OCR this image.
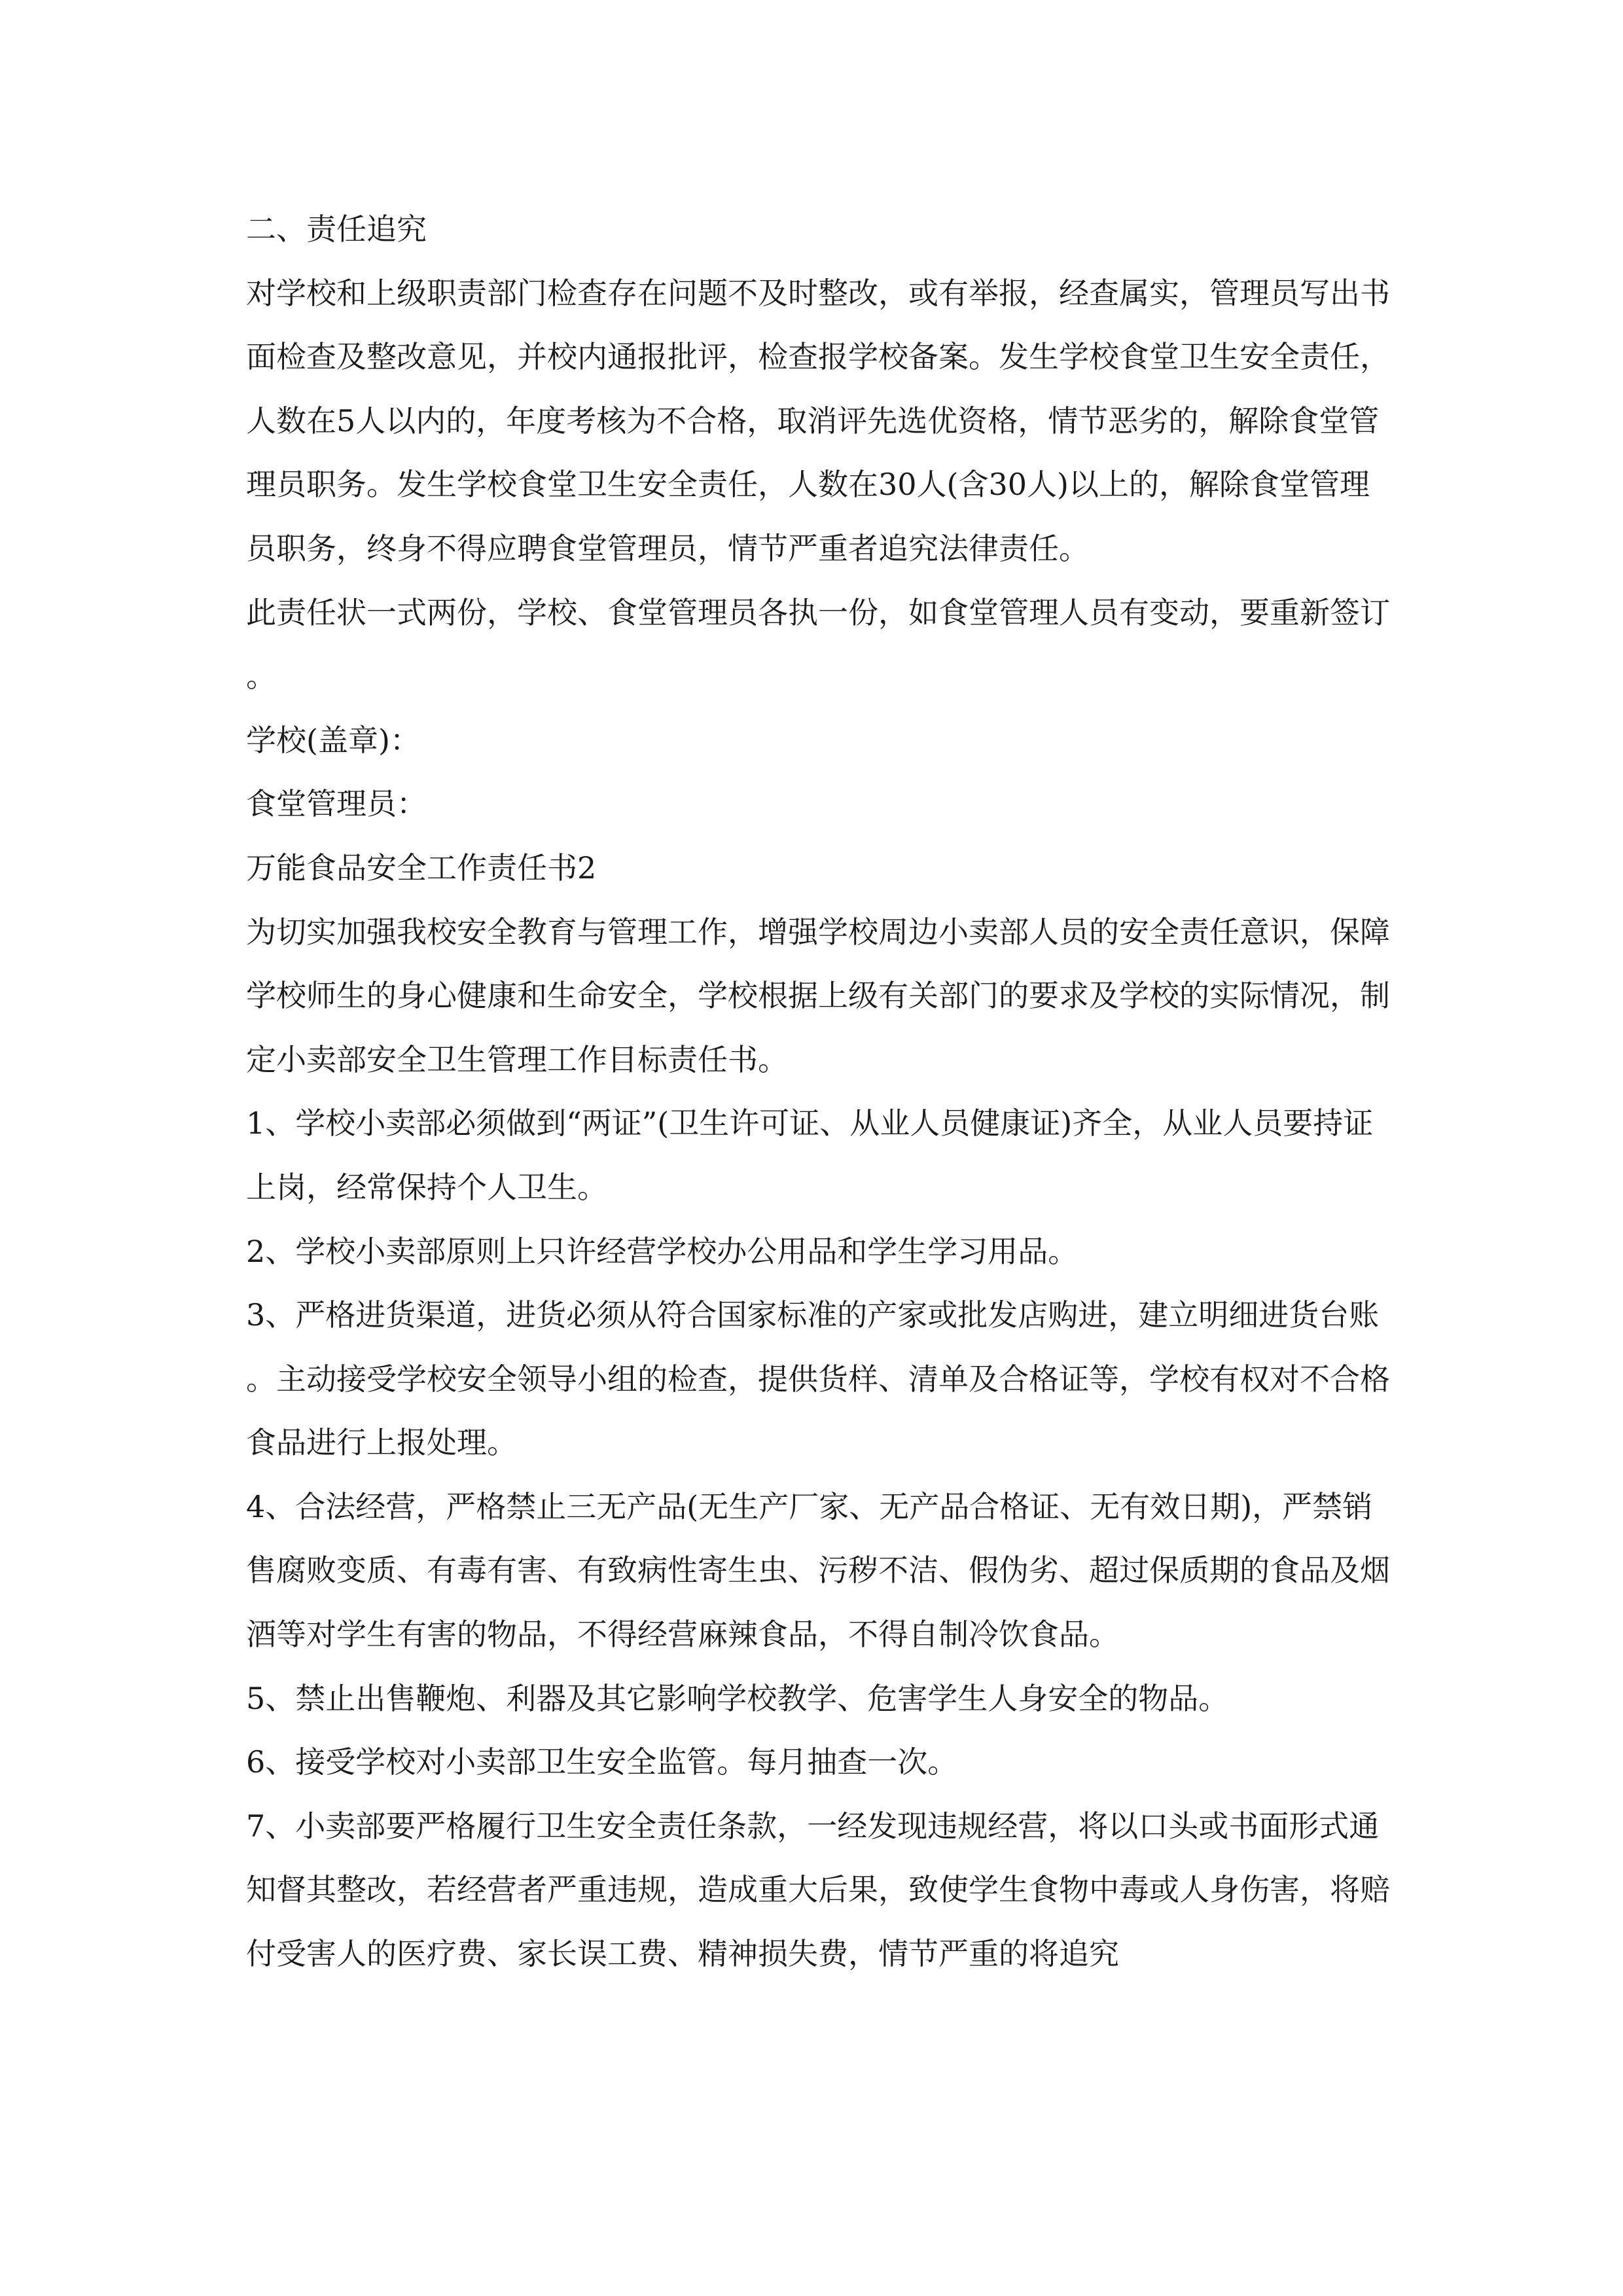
二、责任追究

对学校和上级职责部门检查存在问题不及时整改，或有举报，经查属实，管理员写出书面检查及整改意见，并校内通报批评，检查报学校备案。发生学校食堂卫生安全责任，人数在5人以内的，年度考核为不合格，取消评先选优资格，情节恶劣的，解除食堂管理员职务。发生学校食堂卫生安全责任，人数在30人(含30人)以上的，解除食堂管理员职务，终身不得应聘食堂管理员，情节严重者追究法律责任。

此责任状一式两份，学校、食堂管理员各执一份，如食堂管理人员有变动，要重新签订。

学校(盖章)：

食堂管理员：

万能食品安全工作责任书2

为切实加强我校安全教育与管理工作，增强学校周边小卖部人员的安全责任意识，保障学校师生的身心健康和生命安全，学校根据上级有关部门的要求及学校的实际情况，制定小卖部安全卫生管理工作目标责任书。

1、学校小卖部必须做到“两证”(卫生许可证、从业人员健康证)齐全，从业人员要持证上岗，经常保持个人卫生。

2、学校小卖部原则上只许经营学校办公用品和学生学习用品。

3、严格进货渠道，进货必须从符合国家标准的产家或批发店购进，建立明细进货台账。主动接受学校安全领导小组的检查，提供货样、清单及合格证等，学校有权对不合格食品进行上报处理。

4、合法经营，严格禁止三无产品(无生产厂家、无产品合格证、无有效日期)，严禁销售腐败变质、有毒有害、有致病性寄生虫、污秽不洁、假伪劣、超过保质期的食品及烟酒等对学生有害的物品，不得经营麻辣食品，不得自制冷饮食品。

5、禁止出售鞭炮、利器及其它影响学校教学、危害学生人身安全的物品。

6、接受学校对小卖部卫生安全监管。每月抽查一次。

7、小卖部要严格履行卫生安全责任条款，一经发现违规经营，将以口头或书面形式通知督其整改，若经营者严重违规，造成重大后果，致使学生食物中毒或人身伤害，将赔付受害人的医疗费、家长误工费、精神损失费，情节严重的将追究
